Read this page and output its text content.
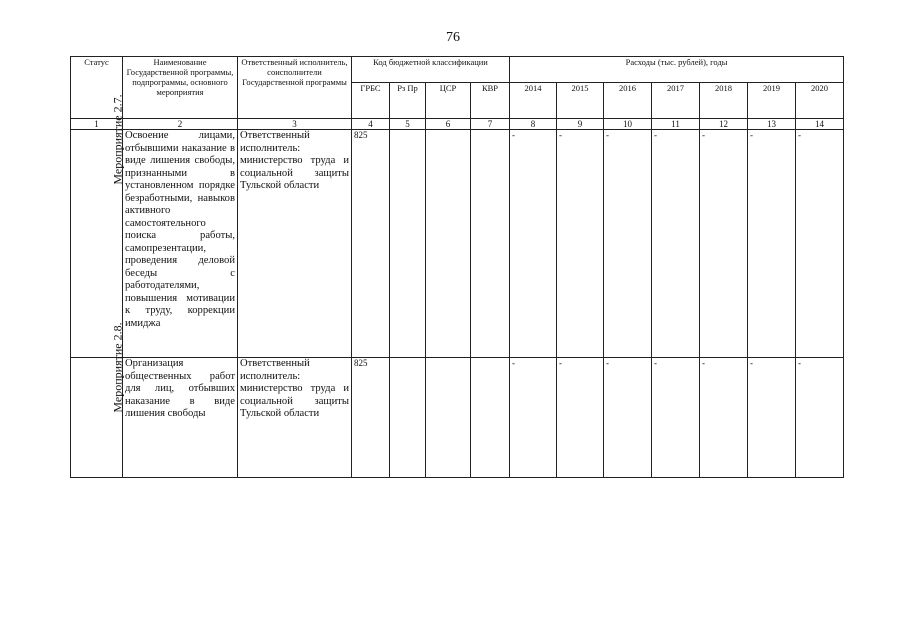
76
Статус	Наименование Государственной программы, подпрограммы, основного мероприятия	Ответственный исполнитель, соисполнители Государственной программы	Код бюджетной классификации				Расходы (тыс. рублей), годы						
			ГРБС	Рз Пр	ЦСР	КВР	2014	2015	2016	2017	2018	2019	2020
1	2	3	4	5	6	7	8	9	10	11	12	13	14
Мероприятие 2.7.	Освоение лицами, отбывшими наказание в виде лишения свободы, признанными в установленном порядке безработными, навыков активного самостоятельного поиска работы, самопрезентации, проведения деловой беседы с работодателями, повышения мотивации к труду, коррекции имиджа	Ответственный исполнитель: министерство труда и социальной защиты Тульской области	825				-	-	-	-	-	-	-
Мероприятие 2.8.	Организация общественных работ для лиц, отбывших наказание в виде лишения свободы	Ответственный исполнитель: министерство труда и социальной защиты Тульской области	825				-	-	-	-	-	-	-
